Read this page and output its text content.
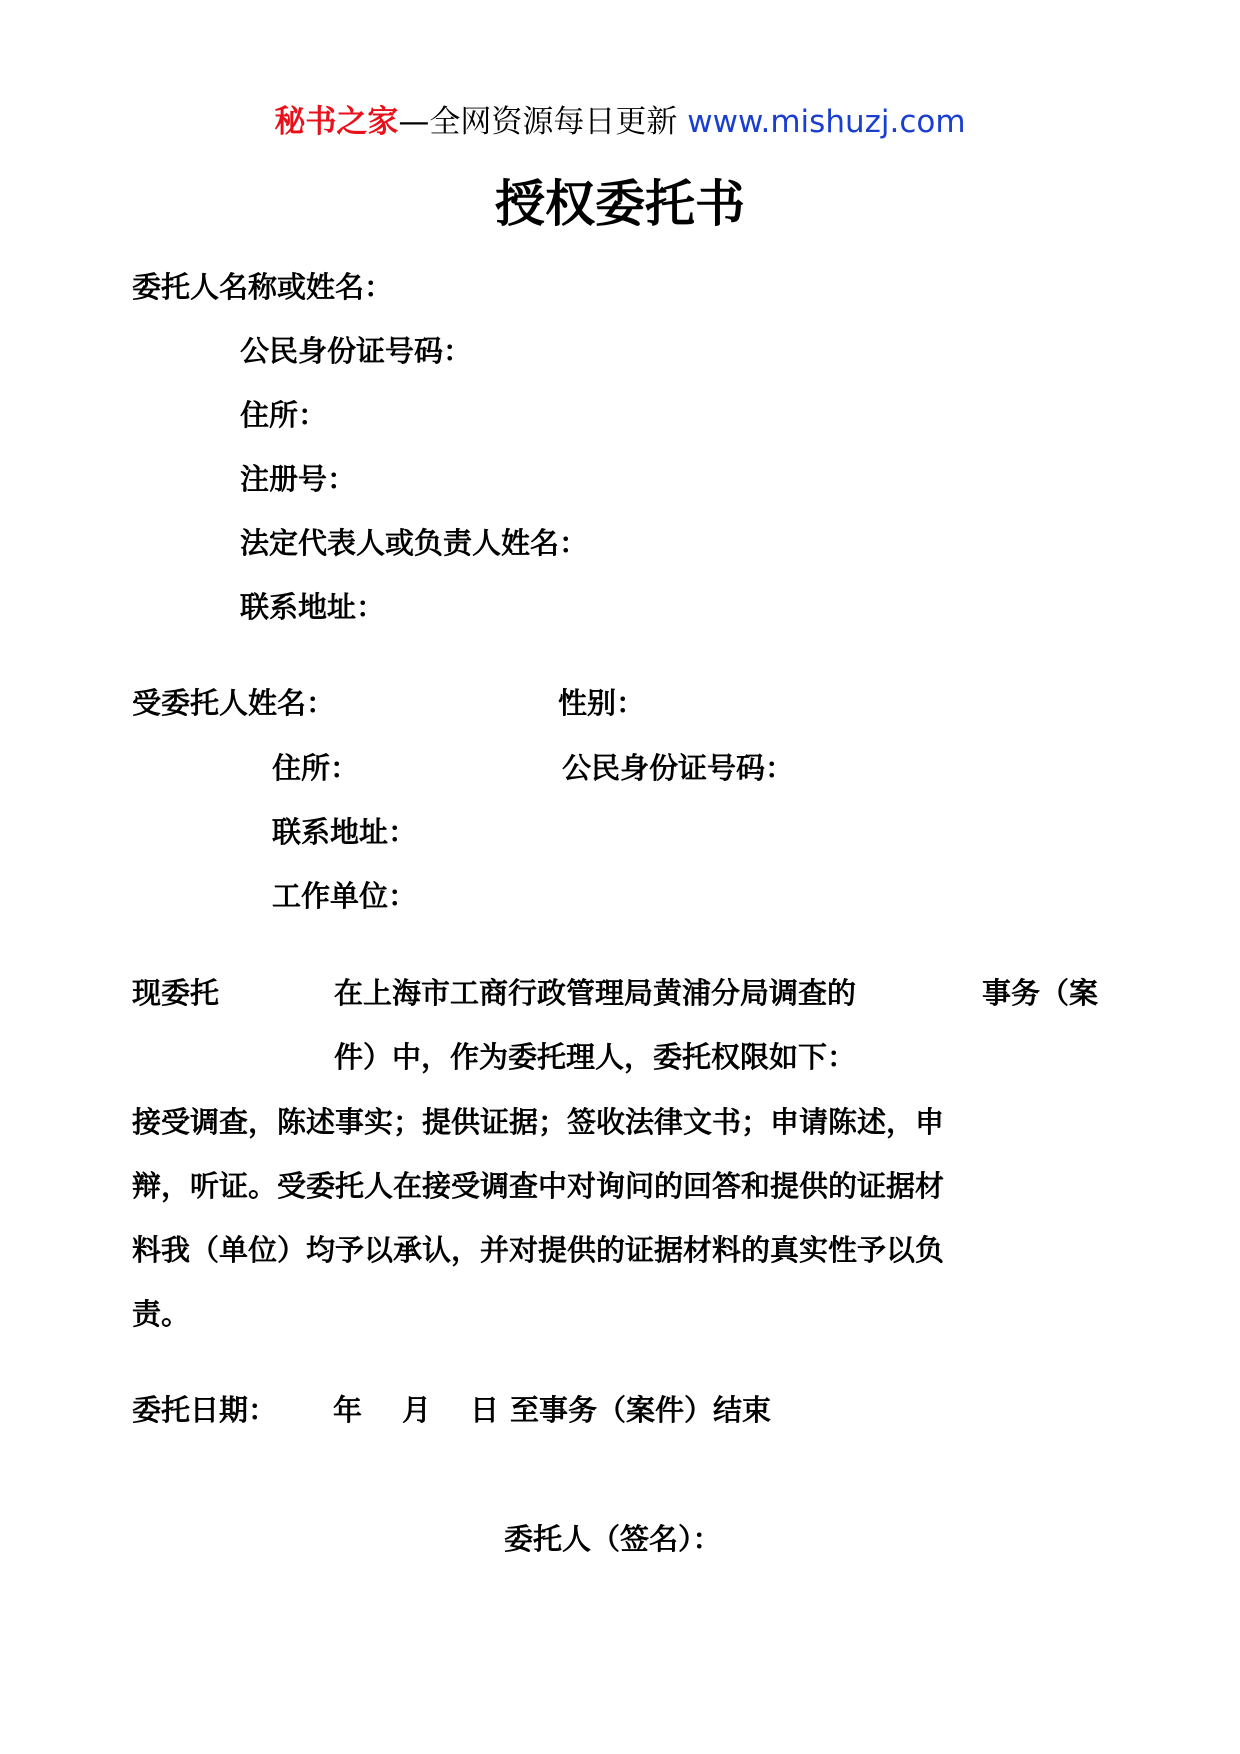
秘书之家—全网资源每日更新 www.mishuzj.com
授权委托书
委托人名称或姓名：
公民身份证号码：
住所：
注册号：
法定代表人或负责人姓名：
联系地址：
受委托人姓名：	性别：
住所：	公民身份证号码：
联系地址：
工作单位：
现委托	在上海市工商行政管理局黄浦分局调查的	事务（案
件）中，作为委托理人，委托权限如下：
接受调查，陈述事实；提供证据；签收法律文书；申请陈述，申
辩，听证。受委托人在接受调查中对询问的回答和提供的证据材
料我（单位）均予以承认，并对提供的证据材料的真实性予以负
责。
委托日期： 年 月 日 至事务（案件）结束
委托人（签名）：
